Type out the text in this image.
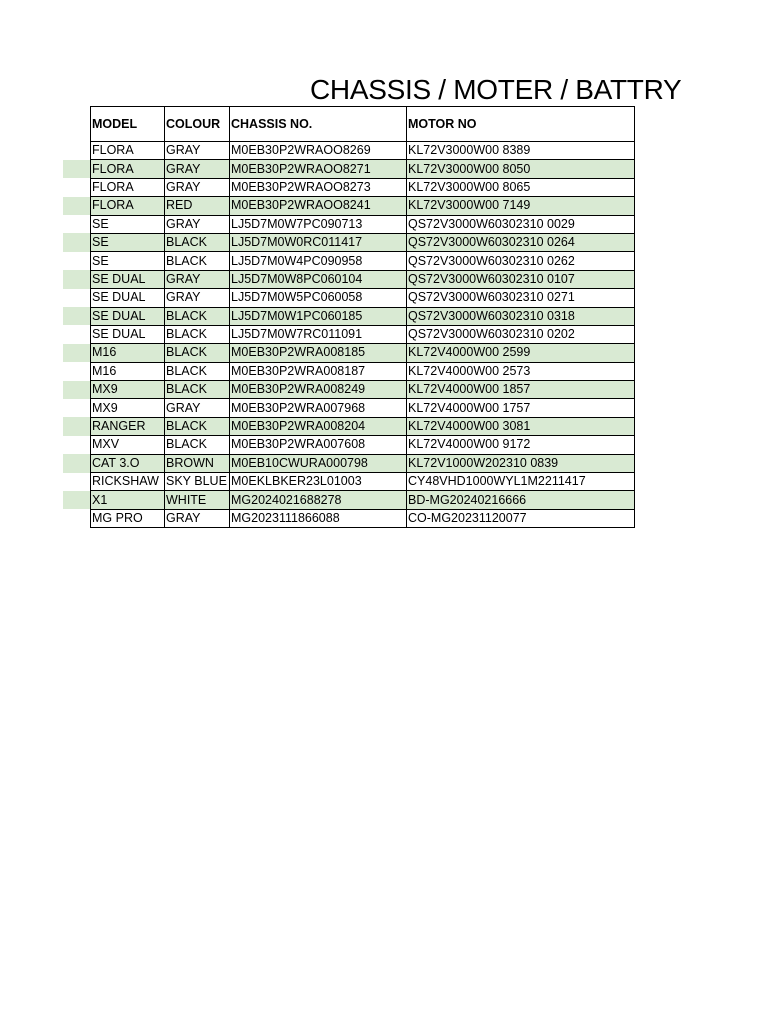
CHASSIS / MOTER / BATTRY
MODEL	COLOUR	CHASSIS NO.	MOTOR NO
FLORA	GRAY	M0EB30P2WRAOO8269	KL72V3000W00 8389
FLORA	GRAY	M0EB30P2WRAOO8271	KL72V3000W00 8050
FLORA	GRAY	M0EB30P2WRAOO8273	KL72V3000W00 8065
FLORA	RED	M0EB30P2WRAOO8241	KL72V3000W00 7149
SE	GRAY	LJ5D7M0W7PC090713	QS72V3000W60302310 0029
SE	BLACK	LJ5D7M0W0RC011417	QS72V3000W60302310 0264
SE	BLACK	LJ5D7M0W4PC090958	QS72V3000W60302310 0262
SE DUAL	GRAY	LJ5D7M0W8PC060104	QS72V3000W60302310 0107
SE DUAL	GRAY	LJ5D7M0W5PC060058	QS72V3000W60302310 0271
SE DUAL	BLACK	LJ5D7M0W1PC060185	QS72V3000W60302310 0318
SE DUAL	BLACK	LJ5D7M0W7RC011091	QS72V3000W60302310 0202
M16	BLACK	M0EB30P2WRA008185	KL72V4000W00 2599
M16	BLACK	M0EB30P2WRA008187	KL72V4000W00 2573
MX9	BLACK	M0EB30P2WRA008249	KL72V4000W00 1857
MX9	GRAY	M0EB30P2WRA007968	KL72V4000W00 1757
RANGER	BLACK	M0EB30P2WRA008204	KL72V4000W00 3081
MXV	BLACK	M0EB30P2WRA007608	KL72V4000W00 9172
CAT 3.O	BROWN	M0EB10CWURA000798	KL72V1000W202310 0839
RICKSHAW	SKY BLUE	M0EKLBKER23L01003	CY48VHD1000WYL1M2211417
X1	WHITE	MG2024021688278	BD-MG20240216666
MG PRO	GRAY	MG2023111866088	CO-MG20231120077
